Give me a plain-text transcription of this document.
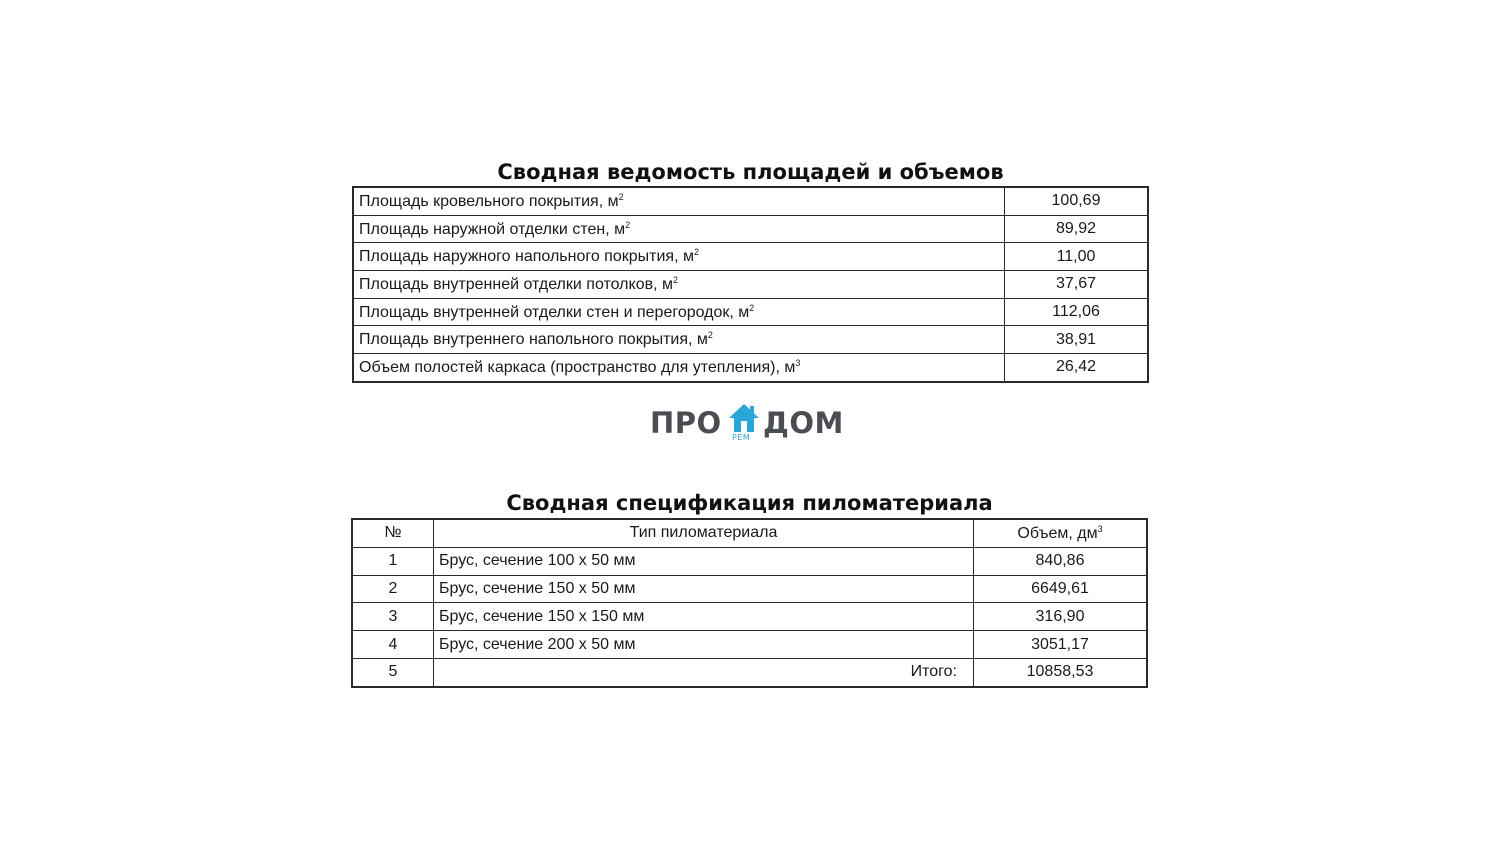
Сводная ведомость площадей и объемов
Площадь кровельного покрытия, $м^2$	100,69
Площадь наружной отделки стен, $м^2$	89,92
Площадь наружного напольного покрытия, $м^2$	11,00
Площадь внутренней отделки потолков, $м^2$	37,67
Площадь внутренней отделки стен и перегородок, $м^2$	112,06
Площадь внутреннего напольного покрытия, $м^2$	38,91
Объем полостей каркаса (пространство для утепления), $м^3$	26,42
ПРО РЕМ ДОМ
Сводная спецификация пиломатериала
№	Тип пиломатериала	Объем, $дм^3$
1	Брус, сечение 100 х 50 мм	840,86
2	Брус, сечение 150 х 50 мм	6649,61
3	Брус, сечение 150 х 150 мм	316,90
4	Брус, сечение 200 х 50 мм	3051,17
5	Итого:	10858,53
